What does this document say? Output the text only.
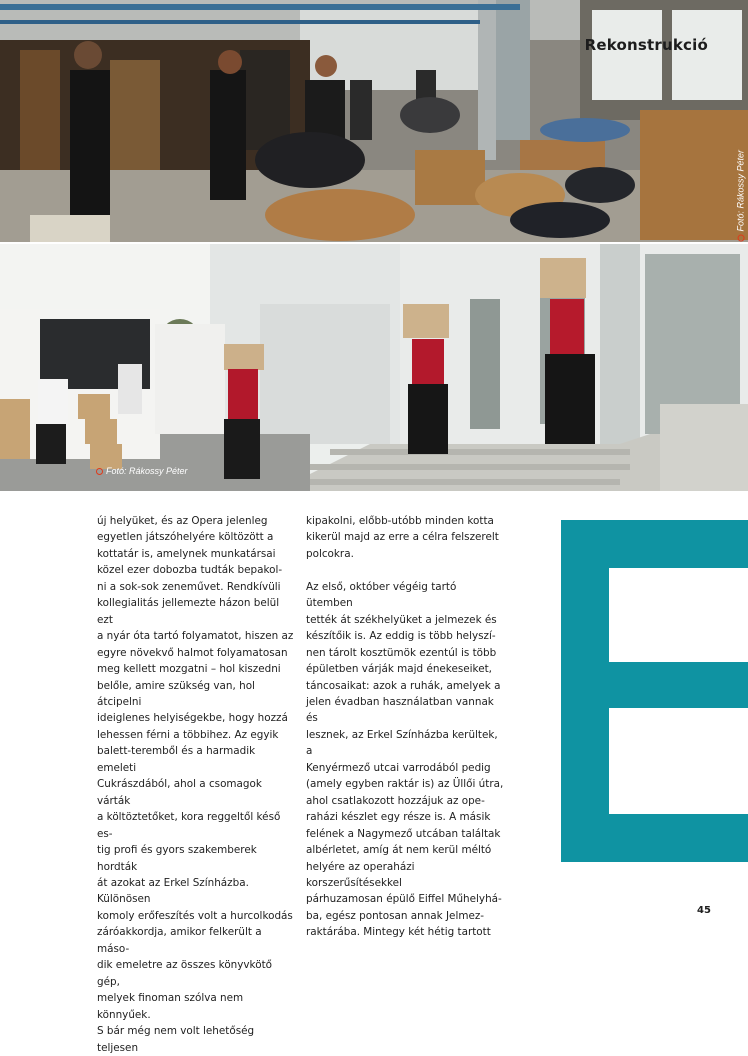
Rekonstrukció
Fotó: Rákossy Péter
Fotó: Rákossy Péter

új helyüket, és az Opera jelenleg
egyetlen játszóhelyére költözött a
kottatár is, amelynek munkatársai
közel ezer dobozba tudták bepakol-
ni a sok-sok zeneművet. Rendkívüli
kollegialitás jellemezte házon belül ezt
a nyár óta tartó folyamatot, hiszen az
egyre növekvő halmot folyamatosan
meg kellett mozgatni – hol kiszedni
belőle, amire szükség van, hol átcipelni
ideiglenes helyiségekbe, hogy hozzá
lehessen férni a többihez. Az egyik
balett-teremből és a harmadik emeleti
Cukrászdából, ahol a csomagok várták
a költöztetőket, kora reggeltől késő es-
tig profi és gyors szakemberek hordták
át azokat az Erkel Színházba. Különösen
komoly erőfeszítés volt a hurcolkodás
záróakkordja, amikor felkerült a máso-
dik emeletre az összes könyvkötő gép,
melyek finoman szólva nem könnyűek.
S bár még nem volt lehetőség teljesen

kipakolni, előbb-utóbb minden kotta
kikerül majd az erre a célra felszerelt
polcokra.

Az első, október végéig tartó ütemben
tették át székhelyüket a jelmezek és
készítőik is. Az eddig is több helyszí-
nen tárolt kosztümök ezentúl is több
épületben várják majd énekeseiket,
táncosaikat: azok a ruhák, amelyek a
jelen évadban használatban vannak és
lesznek, az Erkel Színházba kerültek, a
Kenyérmező utcai varrodából pedig
(amely egyben raktár is) az Üllői útra,
ahol csatlakozott hozzájuk az ope-
raházi készlet egy része is. A másik
felének a Nagymező utcában találtak
albérletet, amíg át nem kerül méltó
helyére az operaházi korszerűsítésekkel
párhuzamosan épülő Eiffel Műhelyhá-
ba, egész pontosan annak Jelmez-
raktárába. Mintegy két hétig tartott

45
